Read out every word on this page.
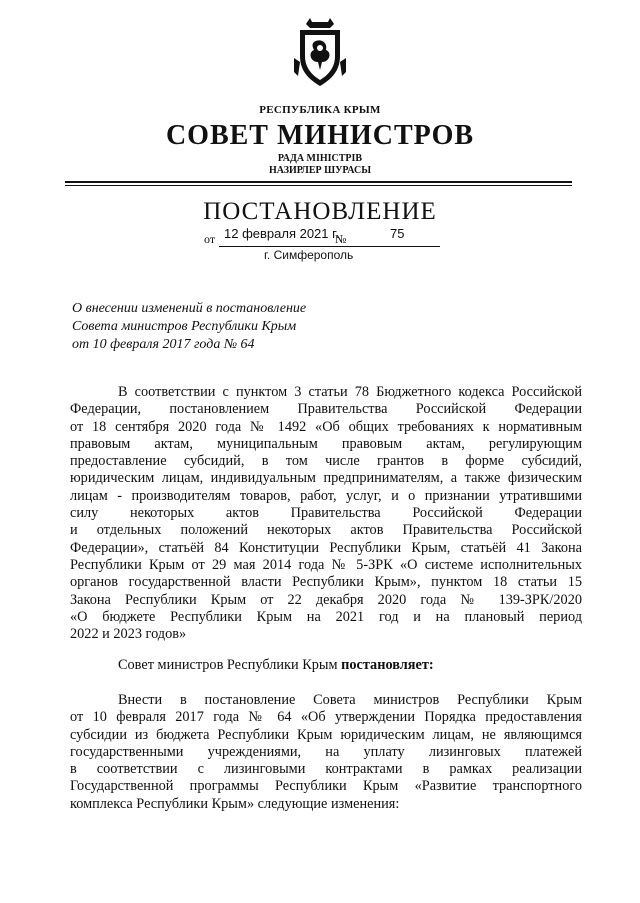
РЕСПУБЛИКА КРЫМ
СОВЕТ МИНИСТРОВ
РАДА МІНІСТРІВ
НАЗИРЛЕР ШУРАСЫ
ПОСТАНОВЛЕНИЕ
от 12 февраля 2021 г.
№	75
г. Симферополь
О внесении изменений в постановление
Совета министров Республики Крым
от 10 февраля 2017 года № 64
В соответствии с пунктом 3 статьи 78 Бюджетного кодекса Российской
Федерации, постановлением Правительства Российской Федерации
от 18 сентября 2020 года № 1492 «Об общих требованиях к нормативным
правовым актам, муниципальным правовым актам, регулирующим
предоставление субсидий, в том числе грантов в форме субсидий,
юридическим лицам, индивидуальным предпринимателям, а также физическим
лицам - производителям товаров, работ, услуг, и о признании утратившими
силу некоторых актов Правительства Российской Федерации
и отдельных положений некоторых актов Правительства Российской
Федерации», статьёй 84 Конституции Республики Крым, статьёй 41 Закона
Республики Крым от 29 мая 2014 года № 5-ЗРК «О системе исполнительных
органов государственной власти Республики Крым», пунктом 18 статьи 15
Закона Республики Крым от 22 декабря 2020 года № 139-ЗРК/2020
«О бюджете Республики Крым на 2021 год и на плановый период
2022 и 2023 годов»
Совет министров Республики Крым постановляет:
Внести в постановление Совета министров Республики Крым
от 10 февраля 2017 года № 64 «Об утверждении Порядка предоставления
субсидии из бюджета Республики Крым юридическим лицам, не являющимся
государственными учреждениями, на уплату лизинговых платежей
в соответствии с лизинговыми контрактами в рамках реализации
Государственной программы Республики Крым «Развитие транспортного
комплекса Республики Крым» следующие изменения:
